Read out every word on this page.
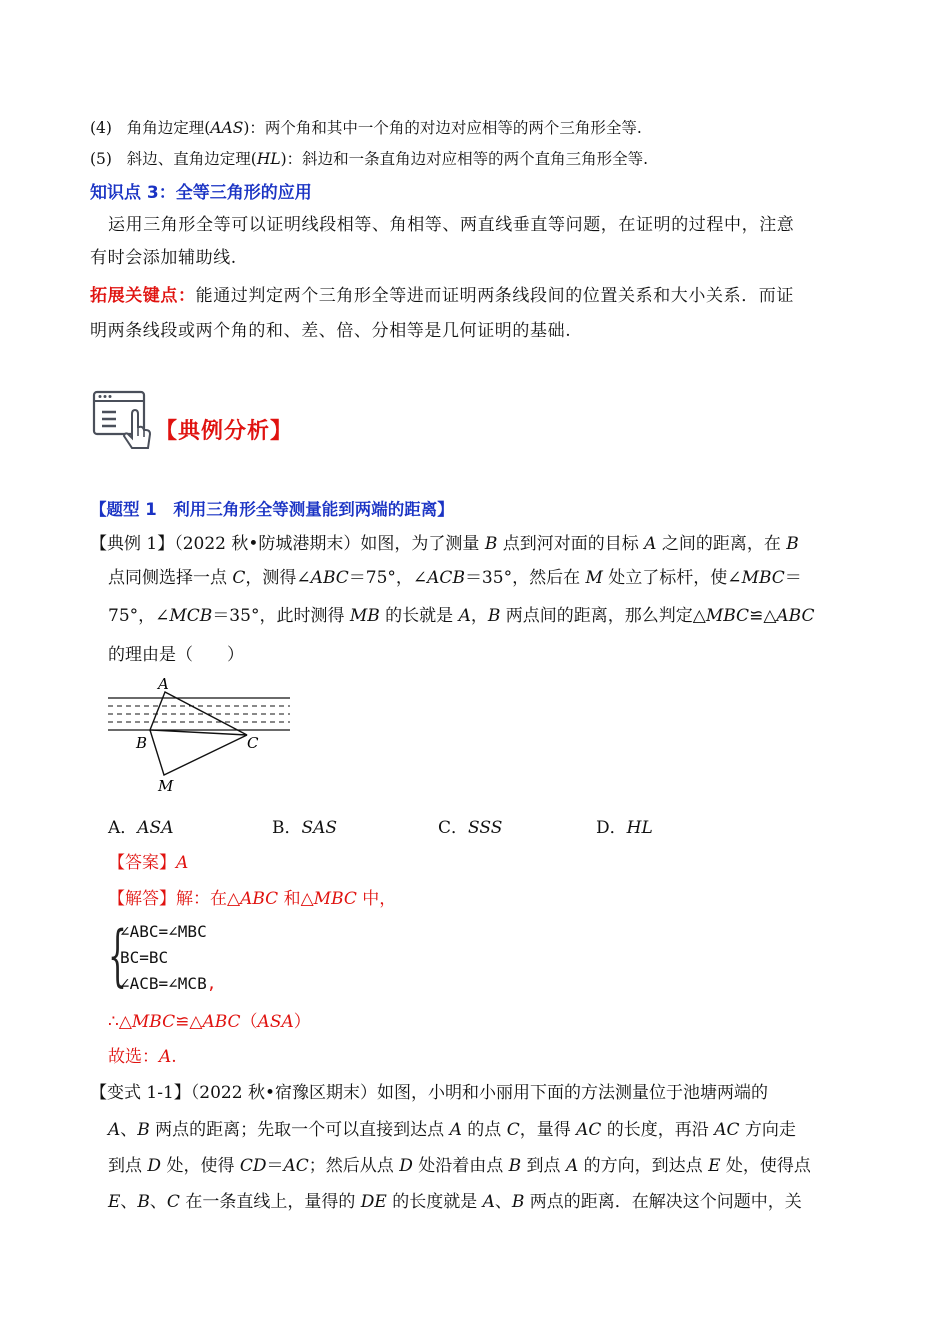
(4) 角角边定理(AAS)：两个角和其中一个角的对边对应相等的两个三角形全等.
(5) 斜边、直角边定理(HL)：斜边和一条直角边对应相等的两个直角三角形全等.
知识点 3：全等三角形的应用
运用三角形全等可以证明线段相等、角相等、两直线垂直等问题，在证明的过程中，注意
有时会添加辅助线.
拓展关键点：能通过判定两个三角形全等进而证明两条线段间的位置关系和大小关系．而证
明两条线段或两个角的和、差、倍、分相等是几何证明的基础.
【典例分析】
【题型 1　利用三角形全等测量能到两端的距离】
【典例 1】（2022 秋•防城港期末）如图，为了测量 B 点到河对面的目标 A 之间的距离，在 B
点同侧选择一点 C，测得∠ABC＝75°，∠ACB＝35°，然后在 M 处立了标杆，使∠MBC＝
75°，∠MCB＝35°，此时测得 MB 的长就是 A，B 两点间的距离，那么判定△MBC≌△ABC
的理由是（　　）
A
B	C
M
A．ASA	B．SAS	C．SSS	D．HL
【答案】A
【解答】解：在△ABC 和△MBC 中，
{
∠ABC=∠MBC
BC=BC
∠ACB=∠MCB,
∴△MBC≌△ABC（ASA）
故选：A.
【变式 1-1】（2022 秋•宿豫区期末）如图，小明和小丽用下面的方法测量位于池塘两端的
A、B 两点的距离；先取一个可以直接到达点 A 的点 C，量得 AC 的长度，再沿 AC 方向走
到点 D 处，使得 CD＝AC；然后从点 D 处沿着由点 B 到点 A 的方向，到达点 E 处，使得点
E、B、C 在一条直线上，量得的 DE 的长度就是 A、B 两点的距离．在解决这个问题中，关
